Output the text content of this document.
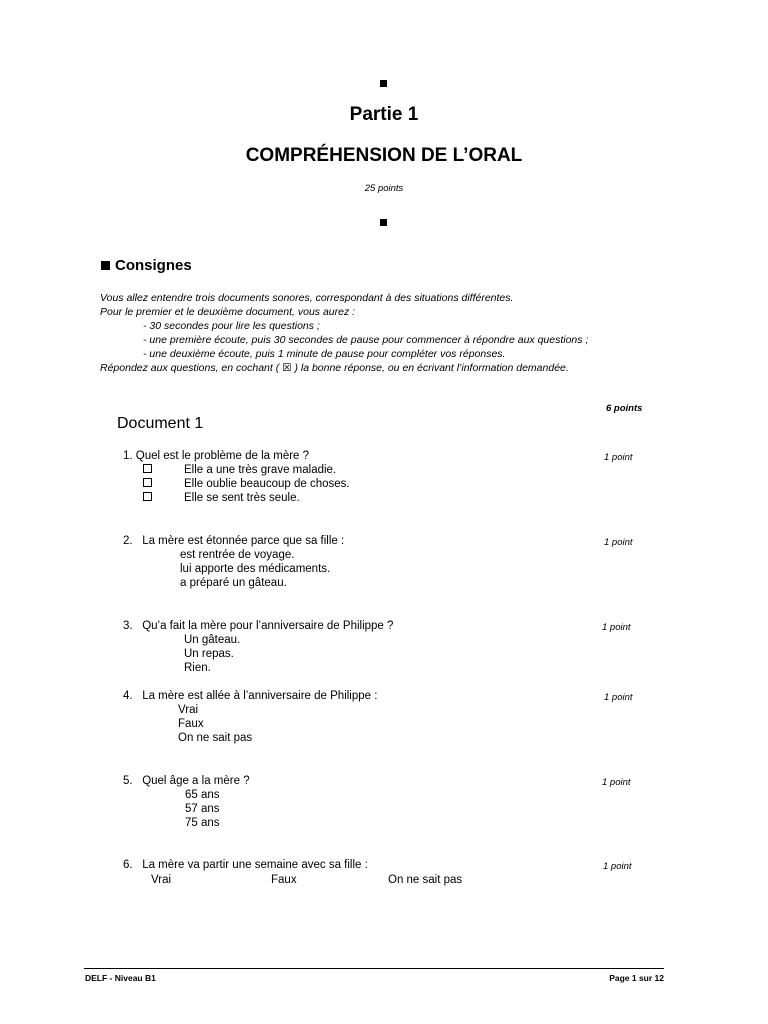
Partie 1
COMPRÉHENSION DE L’ORAL
25 points
Consignes
Vous allez entendre trois documents sonores, correspondant à des situations différentes.
Pour le premier et le deuxième document, vous aurez :
- 30 secondes pour lire les questions ;
- une première écoute, puis 30 secondes de pause pour commencer à répondre aux questions ;
- une deuxième écoute, puis 1 minute de pause pour compléter vos réponses.
Répondez aux questions, en cochant ( ☒ ) la bonne réponse, ou en écrivant l’information demandée.
6 points
Document 1
1. Quel est le problème de la mère ?	1 point
Elle a une très grave maladie.
Elle oublie beaucoup de choses.
Elle se sent très seule.
2. La mère est étonnée parce que sa fille :	1 point
est rentrée de voyage.
lui apporte des médicaments.
a préparé un gâteau.
3. Qu’a fait la mère pour l’anniversaire de Philippe ?	1 point
Un gâteau.
Un repas.
Rien.
4. La mère est allée à l’anniversaire de Philippe :	1 point
Vrai
Faux
On ne sait pas
5. Quel âge a la mère ?	1 point
65 ans
57 ans
75 ans
6. La mère va partir une semaine avec sa fille :	1 point
Vrai	Faux	On ne sait pas
DELF - Niveau B1	Page 1 sur 12
